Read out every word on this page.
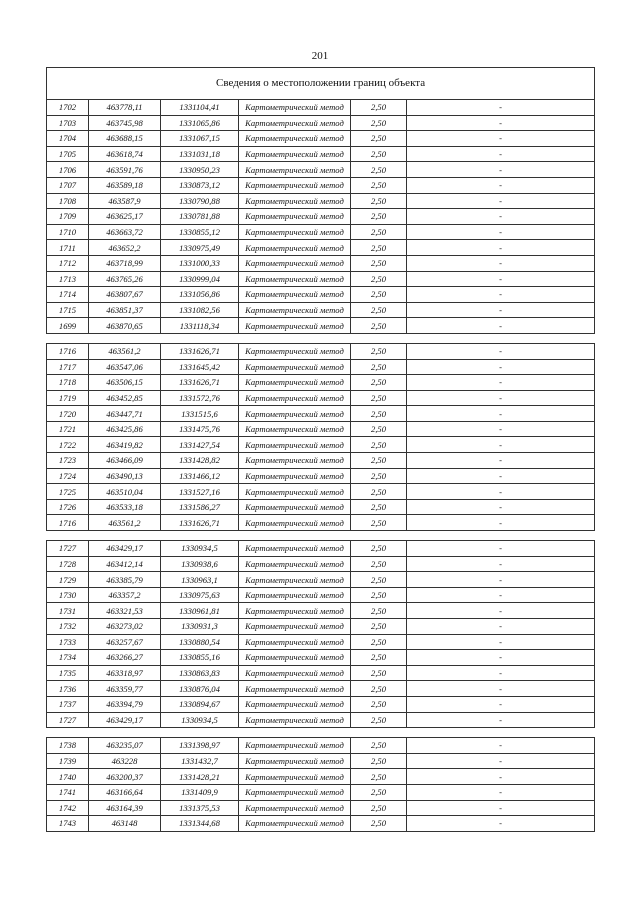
201
Сведения о местоположении границ объекта					
1702	463778,11	1331104,41	Картометрический метод	2,50	-
1703	463745,98	1331065,86	Картометрический метод	2,50	-
1704	463688,15	1331067,15	Картометрический метод	2,50	-
1705	463618,74	1331031,18	Картометрический метод	2,50	-
1706	463591,76	1330950,23	Картометрический метод	2,50	-
1707	463589,18	1330873,12	Картометрический метод	2,50	-
1708	463587,9	1330790,88	Картометрический метод	2,50	-
1709	463625,17	1330781,88	Картометрический метод	2,50	-
1710	463663,72	1330855,12	Картометрический метод	2,50	-
1711	463652,2	1330975,49	Картометрический метод	2,50	-
1712	463718,99	1331000,33	Картометрический метод	2,50	-
1713	463765,26	1330999,04	Картометрический метод	2,50	-
1714	463807,67	1331056,86	Картометрический метод	2,50	-
1715	463851,37	1331082,56	Картометрический метод	2,50	-
1699	463870,65	1331118,34	Картометрический метод	2,50	-

1716	463561,2	1331626,71	Картометрический метод	2,50	-
1717	463547,06	1331645,42	Картометрический метод	2,50	-
1718	463506,15	1331626,71	Картометрический метод	2,50	-
1719	463452,85	1331572,76	Картометрический метод	2,50	-
1720	463447,71	1331515,6	Картометрический метод	2,50	-
1721	463425,86	1331475,76	Картометрический метод	2,50	-
1722	463419,82	1331427,54	Картометрический метод	2,50	-
1723	463466,09	1331428,82	Картометрический метод	2,50	-
1724	463490,13	1331466,12	Картометрический метод	2,50	-
1725	463510,04	1331527,16	Картометрический метод	2,50	-
1726	463533,18	1331586,27	Картометрический метод	2,50	-
1716	463561,2	1331626,71	Картометрический метод	2,50	-

1727	463429,17	1330934,5	Картометрический метод	2,50	-
1728	463412,14	1330938,6	Картометрический метод	2,50	-
1729	463385,79	1330963,1	Картометрический метод	2,50	-
1730	463357,2	1330975,63	Картометрический метод	2,50	-
1731	463321,53	1330961,81	Картометрический метод	2,50	-
1732	463273,02	1330931,3	Картометрический метод	2,50	-
1733	463257,67	1330880,54	Картометрический метод	2,50	-
1734	463266,27	1330855,16	Картометрический метод	2,50	-
1735	463318,97	1330863,83	Картометрический метод	2,50	-
1736	463359,77	1330876,04	Картометрический метод	2,50	-
1737	463394,79	1330894,67	Картометрический метод	2,50	-
1727	463429,17	1330934,5	Картометрический метод	2,50	-

1738	463235,07	1331398,97	Картометрический метод	2,50	-
1739	463228	1331432,7	Картометрический метод	2,50	-
1740	463200,37	1331428,21	Картометрический метод	2,50	-
1741	463166,64	1331409,9	Картометрический метод	2,50	-
1742	463164,39	1331375,53	Картометрический метод	2,50	-
1743	463148	1331344,68	Картометрический метод	2,50	-
